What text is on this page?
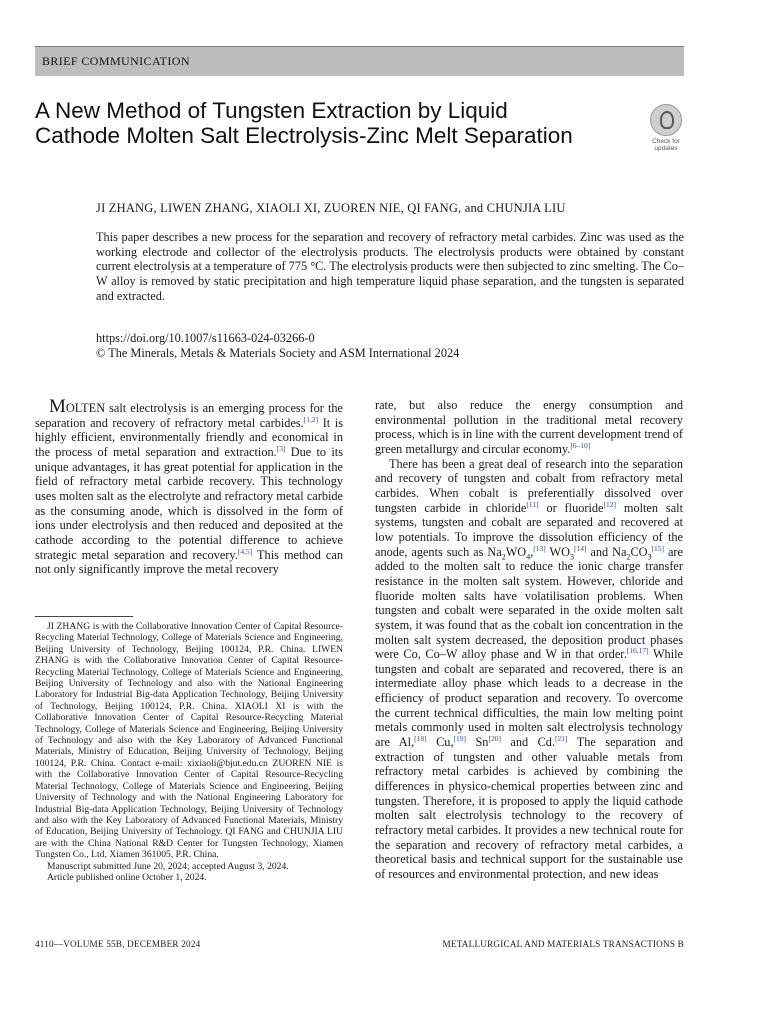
BRIEF COMMUNICATION
A New Method of Tungsten Extraction by Liquid Cathode Molten Salt Electrolysis-Zinc Melt Separation	Check for updates
JI ZHANG, LIWEN ZHANG, XIAOLI XI, ZUOREN NIE, QI FANG, and CHUNJIA LIU
This paper describes a new process for the separation and recovery of refractory metal carbides. Zinc was used as the working electrode and collector of the electrolysis products. The electrolysis products were obtained by constant current electrolysis at a temperature of 775 °C. The electrolysis products were then subjected to zinc smelting. The Co–W alloy is removed by static precipitation and high temperature liquid phase separation, and the tungsten is separated and extracted.
https://doi.org/10.1007/s11663-024-03266-0
© The Minerals, Metals & Materials Society and ASM International 2024

MOLTEN salt electrolysis is an emerging process for the separation and recovery of refractory metal carbides.[1,2] It is highly efficient, environmentally friendly and economical in the process of metal separation and extraction.[3] Due to its unique advantages, it has great potential for application in the field of refractory metal carbide recovery. This technology uses molten salt as the electrolyte and refractory metal carbide as the consuming anode, which is dissolved in the form of ions under electrolysis and then reduced and deposited at the cathode according to the potential difference to achieve strategic metal separation and recovery.[4,5] This method can not only significantly improve the metal recovery

JI ZHANG is with the Collaborative Innovation Center of Capital Resource-Recycling Material Technology, College of Materials Science and Engineering, Beijing University of Technology, Beijing 100124, P.R. China. LIWEN ZHANG is with the Collaborative Innovation Center of Capital Resource-Recycling Material Technology, College of Materials Science and Engineering, Beijing University of Technology and also with the National Engineering Laboratory for Industrial Big-data Application Technology, Beijing University of Technology, Beijing 100124, P.R. China. XIAOLI XI is with the Collaborative Innovation Center of Capital Resource-Recycling Material Technology, College of Materials Science and Engineering, Beijing University of Technology and also with the Key Laboratory of Advanced Functional Materials, Ministry of Education, Beijing University of Technology, Beijing 100124, P.R. China. Contact e-mail: xixiaoli@bjut.edu.cn ZUOREN NIE is with the Collaborative Innovation Center of Capital Resource-Recycling Material Technology, College of Materials Science and Engineering, Beijing University of Technology and with the National Engineering Laboratory for Industrial Big-data Application Technology, Beijing University of Technology and also with the Key Laboratory of Advanced Functional Materials, Ministry of Education, Beijing University of Technology. QI FANG and CHUNJIA LIU are with the China National R&D Center for Tungsten Technology, Xiamen Tungsten Co., Ltd, Xiamen 361005, P.R. China.

Manuscript submitted June 20, 2024; accepted August 3, 2024.

Article published online October 1, 2024.

rate, but also reduce the energy consumption and environmental pollution in the traditional metal recovery process, which is in line with the current development trend of green metallurgy and circular economy.[6–10]

There has been a great deal of research into the separation and recovery of tungsten and cobalt from refractory metal carbides. When cobalt is preferentially dissolved over tungsten carbide in chloride[11] or fluoride[12] molten salt systems, tungsten and cobalt are separated and recovered at low potentials. To improve the dissolution efficiency of the anode, agents such as $Na_2WO_4,[13]$ $WO_3[14]$ and $Na_2CO_3[15]$ are added to the molten salt to reduce the ionic charge transfer resistance in the molten salt system. However, chloride and fluoride molten salts have volatilisation problems. When tungsten and cobalt were separated in the oxide molten salt system, it was found that as the cobalt ion concentration in the molten salt system decreased, the deposition product phases were Co, Co–W alloy phase and W in that order.[16,17] While tungsten and cobalt are separated and recovered, there is an intermediate alloy phase which leads to a decrease in the efficiency of product separation and recovery. To overcome the current technical difficulties, the main low melting point metals commonly used in molten salt electrolysis technology are Al,[18] Cu,[19] Sn[20] and Cd.[21] The separation and extraction of tungsten and other valuable metals from refractory metal carbides is achieved by combining the differences in physico-chemical properties between zinc and tungsten. Therefore, it is proposed to apply the liquid cathode molten salt electrolysis technology to the recovery of refractory metal carbides. It provides a new technical route for the separation and recovery of refractory metal carbides, a theoretical basis and technical support for the sustainable use of resources and environmental protection, and new ideas

4110—VOLUME 55B, DECEMBER 2024	METALLURGICAL AND MATERIALS TRANSACTIONS B
